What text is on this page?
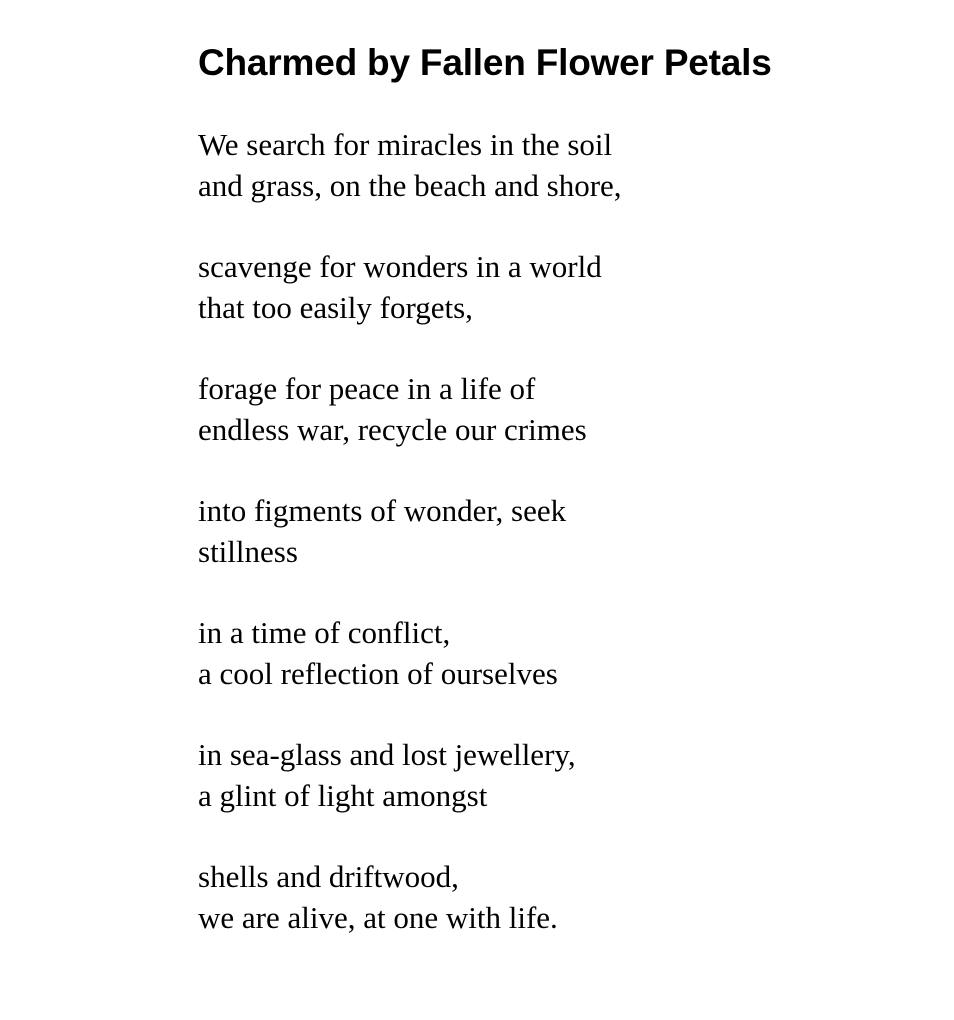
Charmed by Fallen Flower Petals
We search for miracles in the soil
and grass, on the beach and shore,
scavenge for wonders in a world
that too easily forgets,
forage for peace in a life of
endless war, recycle our crimes
into figments of wonder, seek
stillness
in a time of conflict,
a cool reflection of ourselves
in sea-glass and lost jewellery,
a glint of light amongst
shells and driftwood,
we are alive, at one with life.
